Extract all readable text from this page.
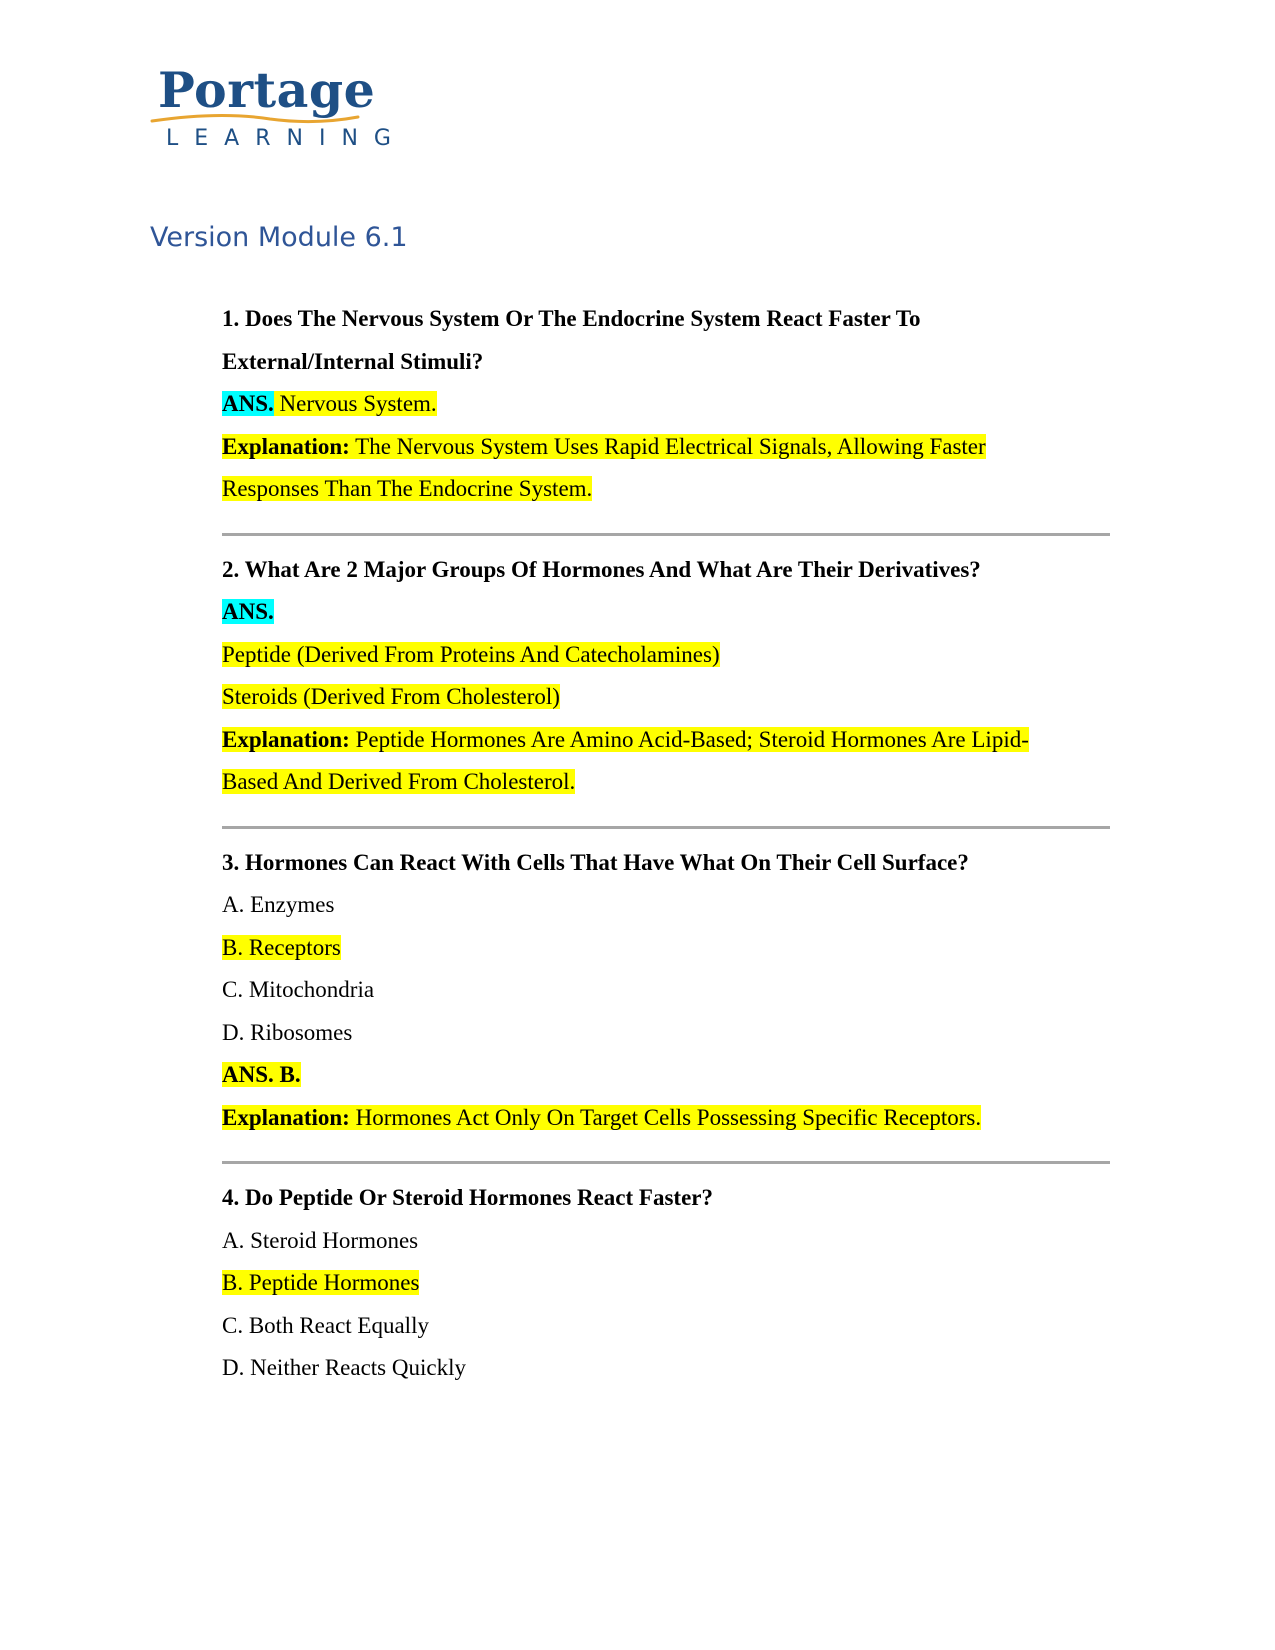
Portage
LEARNING
Version Module 6.1
1. Does The Nervous System Or The Endocrine System React Faster To
External/Internal Stimuli?
ANS. Nervous System.
Explanation: The Nervous System Uses Rapid Electrical Signals, Allowing Faster
Responses Than The Endocrine System.
2. What Are 2 Major Groups Of Hormones And What Are Their Derivatives?
ANS.
Peptide (Derived From Proteins And Catecholamines)
Steroids (Derived From Cholesterol)
Explanation: Peptide Hormones Are Amino Acid-Based; Steroid Hormones Are Lipid-
Based And Derived From Cholesterol.
3. Hormones Can React With Cells That Have What On Their Cell Surface?
A. Enzymes
B. Receptors
C. Mitochondria
D. Ribosomes
ANS. B.
Explanation: Hormones Act Only On Target Cells Possessing Specific Receptors.
4. Do Peptide Or Steroid Hormones React Faster?
A. Steroid Hormones
B. Peptide Hormones
C. Both React Equally
D. Neither Reacts Quickly
